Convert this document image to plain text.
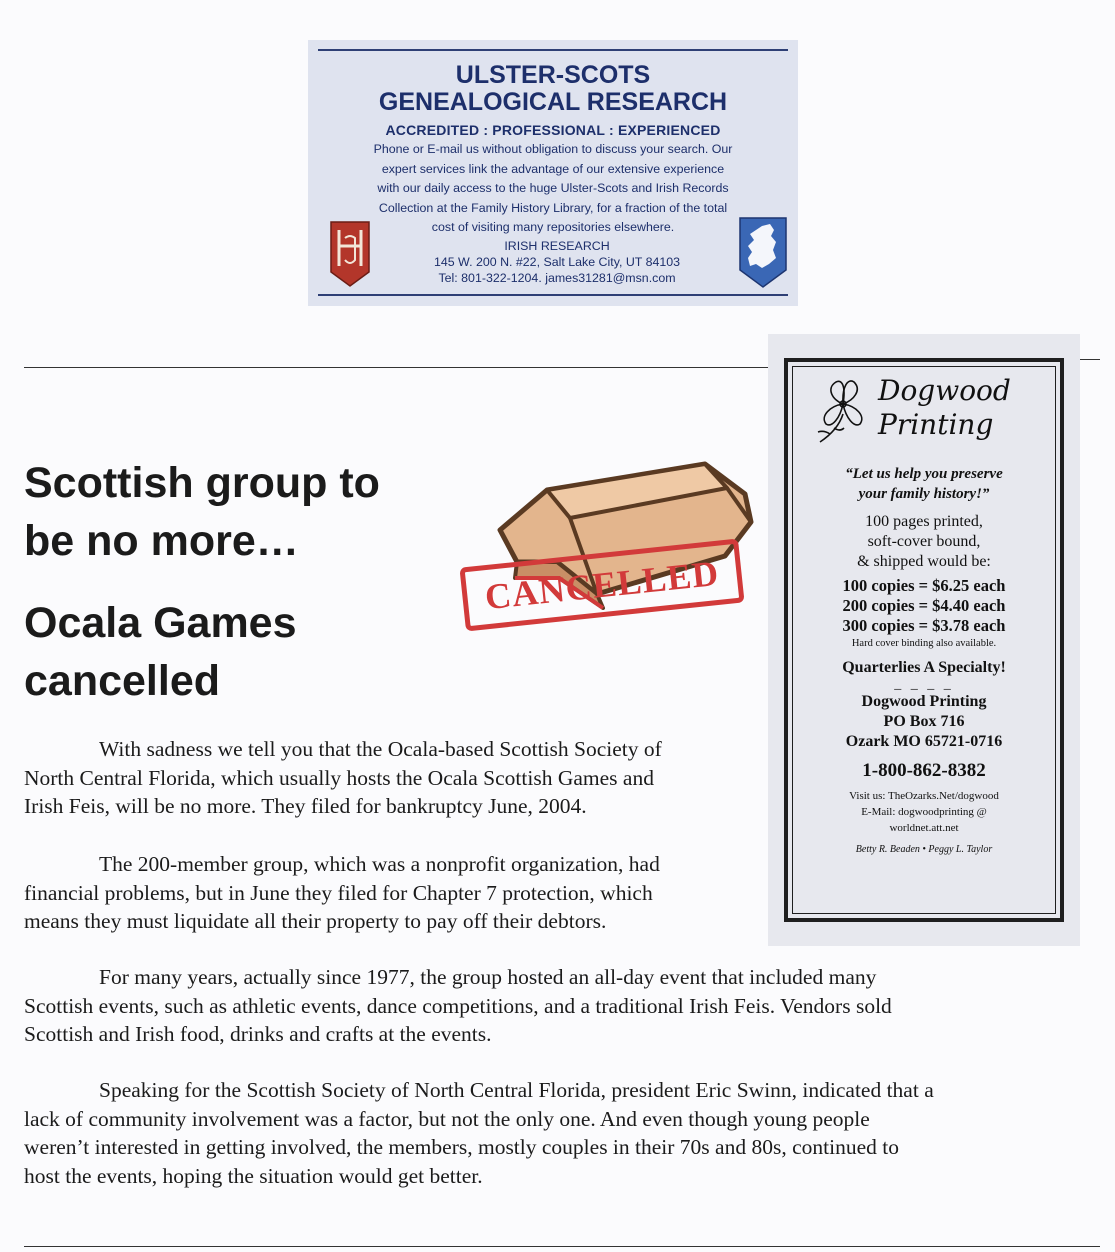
ULSTER-SCOTS
GENEALOGICAL RESEARCH
ACCREDITED : PROFESSIONAL : EXPERIENCED
Phone or E-mail us without obligation to discuss your search. Our
expert services link the advantage of our extensive experience
with our daily access to the huge Ulster-Scots and Irish Records
Collection at the Family History Library, for a fraction of the total
cost of visiting many repositories elsewhere.
IRISH RESEARCH
145 W. 200 N. #22, Salt Lake City, UT 84103
Tel: 801-322-1204. james31281@msn.com
Scottish group to
be no more…
Ocala Games
cancelled
CANCELLED
Dogwood
Printing
“Let us help you preserve
your family history!”
100 pages printed,
soft-cover bound,
& shipped would be:
100 copies = $6.25 each
200 copies = $4.40 each
300 copies = $3.78 each
Hard cover binding also available.
Quarterlies A Specialty!
_ _ _ _
Dogwood Printing
PO Box 716
Ozark MO 65721-0716
1-800-862-8382
Visit us: TheOzarks.Net/dogwood
E-Mail: dogwoodprinting @
worldnet.att.net
Betty R. Beaden • Peggy L. Taylor
With sadness we tell you that the Ocala-based Scottish Society of
North Central Florida, which usually hosts the Ocala Scottish Games and
Irish Feis, will be no more. They filed for bankruptcy June, 2004.
The 200-member group, which was a nonprofit organization, had
financial problems, but in June they filed for Chapter 7 protection, which
means they must liquidate all their property to pay off their debtors.
For many years, actually since 1977, the group hosted an all-day event that included many
Scottish events, such as athletic events, dance competitions, and a traditional Irish Feis. Vendors sold
Scottish and Irish food, drinks and crafts at the events.
Speaking for the Scottish Society of North Central Florida, president Eric Swinn, indicated that a
lack of community involvement was a factor, but not the only one. And even though young people
weren’t interested in getting involved, the members, mostly couples in their 70s and 80s, continued to
host the events, hoping the situation would get better.
